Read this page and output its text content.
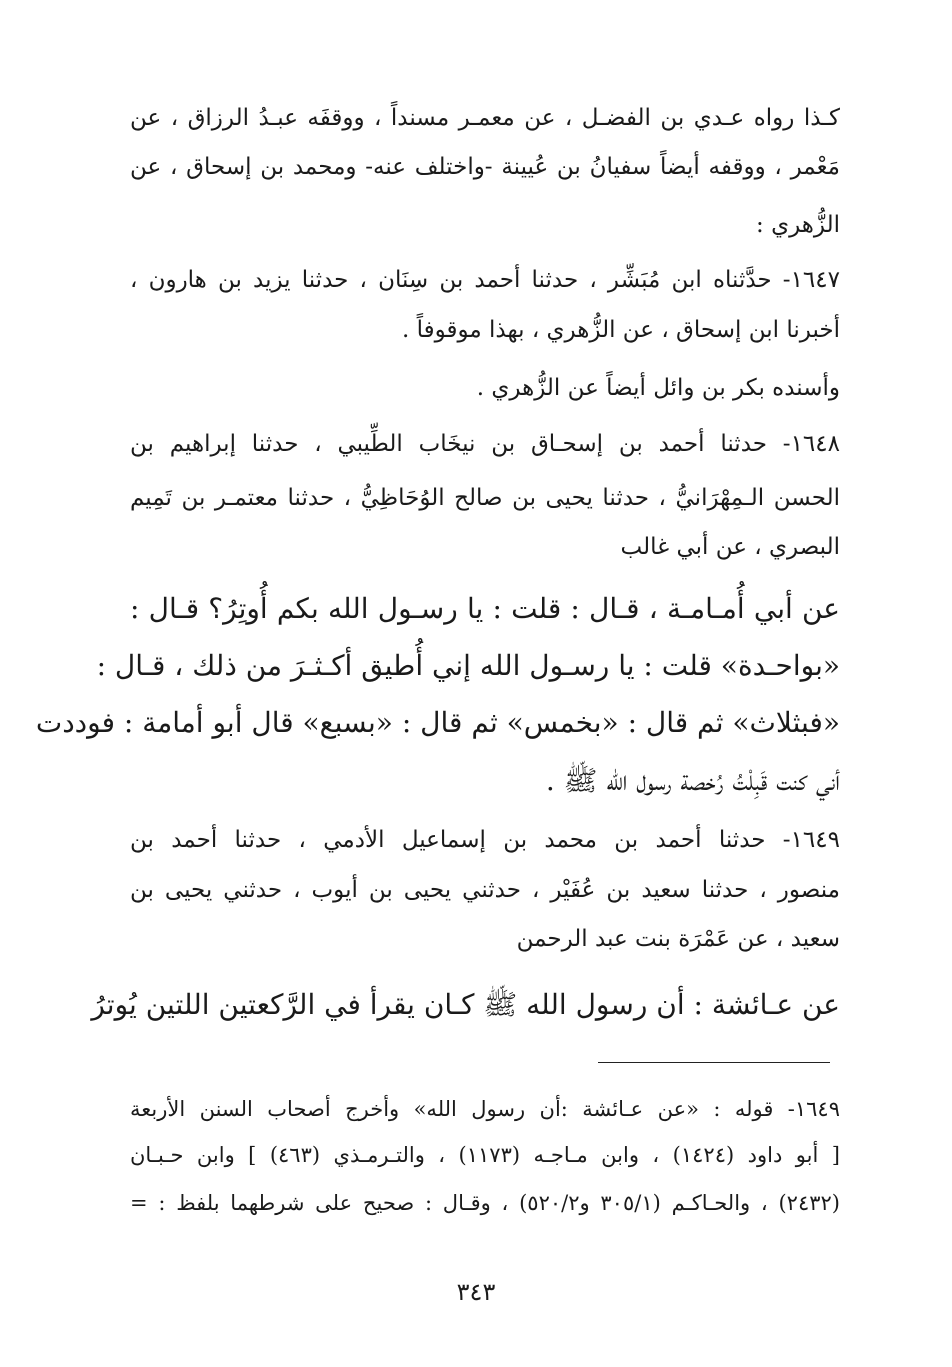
كـذا رواه عـدي بن الفضـل ، عن معمـر مسنداً ، ووقفَه عبـدُ الرزاق ، عن
مَعْمر ، ووقفه أيضاً سفيانُ بن عُيينة -واختلف عنه- ومحمد بن إسحاق ، عن
الزُّهري :
١٦٤٧- حدَّثناه ابن مُبَشِّر ، حدثنا أحمد بن سِنَان ، حدثنا يزيد بن هارون ،
أخبرنا ابن إسحاق ، عن الزُّهري ، بهذا موقوفاً .
وأسنده بكر بن وائل أيضاً عن الزُّهري .
١٦٤٨- حدثنا أحمد بن إسحـاق بن نيخَاب الطِّيبي ، حدثنا إبراهيم بن
الحسن الـمِهْرَانيُّ ، حدثنا يحيى بن صالح الوُحَاظِيُّ ، حدثنا معتمـر بن تَمِيم
البصري ، عن أبي غالب
عن أبي أُمـامـة ، قـال : قلت : يا رسـول الله بكم أُوتِرُ؟ قـال :
«بواحـدة» قلت : يا رسـول الله إني أُطيق أكـثـرَ من ذلك ، قـال :
«فبثلاث» ثم قال : «بخمس» ثم قال : «بسبع» قال أبو أمامة : فوددت
أني كنت قَبِلْتُ رُخصة رسول الله ﷺ .
١٦٤٩- حدثنا أحمد بن محمد بن إسماعيل الأدمي ، حدثنا أحمد بن
منصور ، حدثنا سعيد بن عُفَيْر ، حدثني يحيى بن أيوب ، حدثني يحيى بن
سعيد ، عن عَمْرَة بنت عبد الرحمن
عن عـائشة : أن رسول الله ﷺ كـان يقرأ في الرَّكعتين اللتين يُوترُ
١٦٤٩- قوله : «عن عـائشة :أن رسول الله» وأخرج أصحاب السنن الأربعة
[ أبو داود (١٤٢٤) ، وابن مـاجـه (١١٧٣) ، والتـرمـذي (٤٦٣) ] وابن حـبـان
(٢٤٣٢) ، والحـاكـم (٣٠٥/١ و٥٢٠/٢) ، وقـال : صحيح على شرطهما بلفظ : =
٣٤٣
